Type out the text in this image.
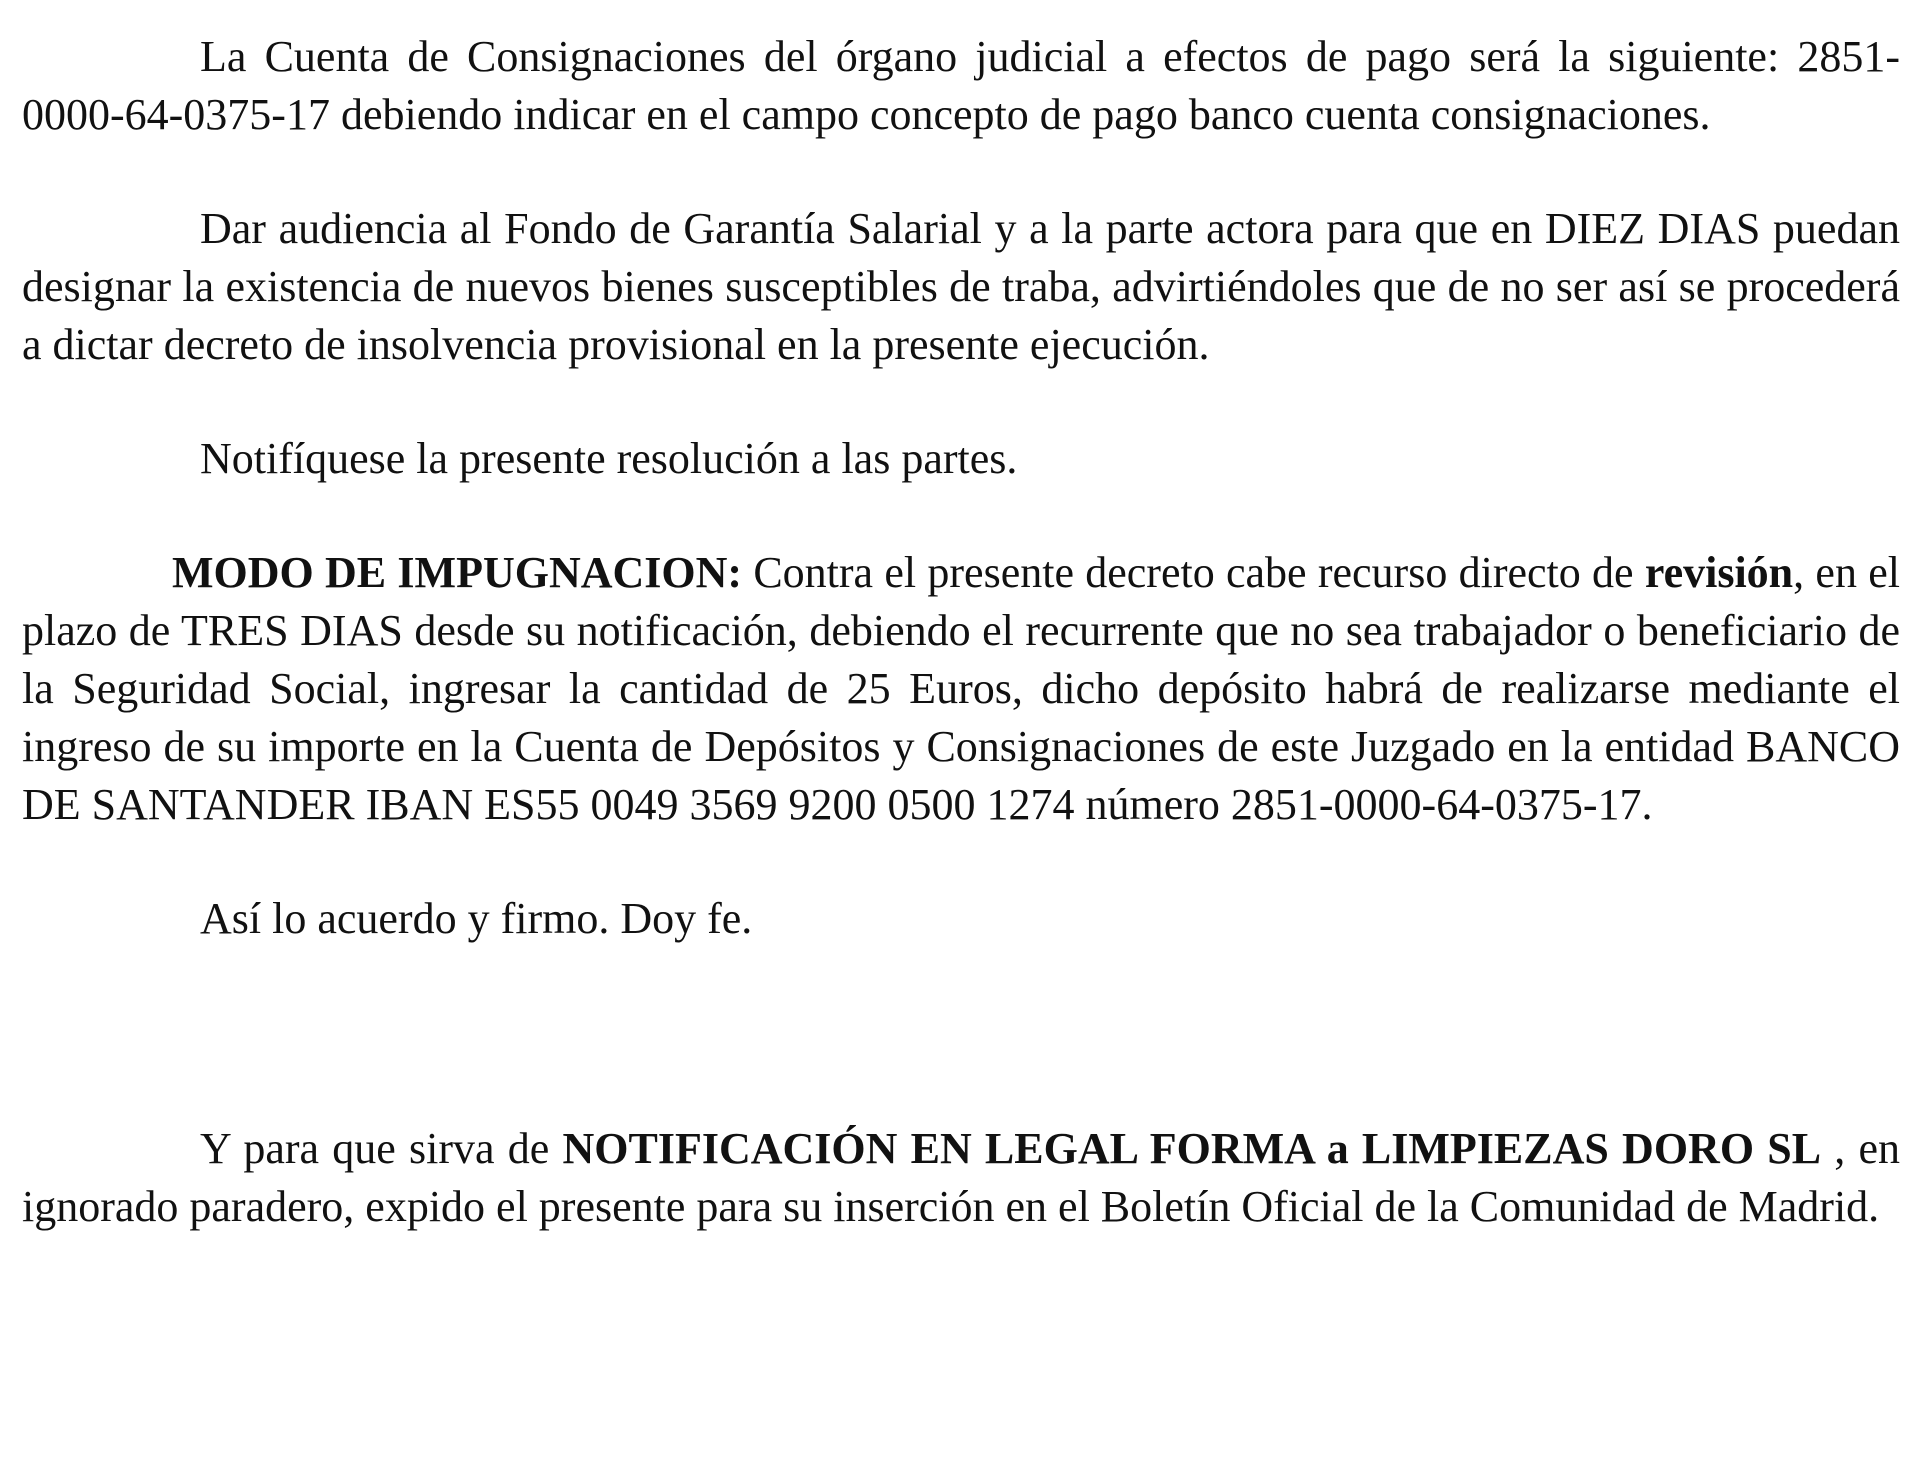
La Cuenta de Consignaciones del órgano judicial a efectos de pago será la siguiente: 2851-0000-64-0375-17 debiendo indicar en el campo concepto de pago banco cuenta consignaciones.

Dar audiencia al Fondo de Garantía Salarial y a la parte actora para que en DIEZ DIAS puedan designar la existencia de nuevos bienes susceptibles de traba, advirtiéndoles que de no ser así se procederá a dictar decreto de insolvencia provisional en la presente ejecución.

Notifíquese la presente resolución a las partes.

MODO DE IMPUGNACION: Contra el presente decreto cabe recurso directo de revisión, en el plazo de TRES DIAS desde su notificación, debiendo el recurrente que no sea trabajador o beneficiario de la Seguridad Social, ingresar la cantidad de 25 Euros, dicho depósito habrá de realizarse mediante el ingreso de su importe en la Cuenta de Depósitos y Consignaciones de este Juzgado en la entidad BANCO DE SANTANDER IBAN ES55 0049 3569 9200 0500 1274 número 2851-0000-64-0375-17.

Así lo acuerdo y firmo. Doy fe.

Y para que sirva de NOTIFICACIÓN EN LEGAL FORMA a LIMPIEZAS DORO SL , en ignorado paradero, expido el presente para su inserción en el Boletín Oficial de la Comunidad de Madrid.
